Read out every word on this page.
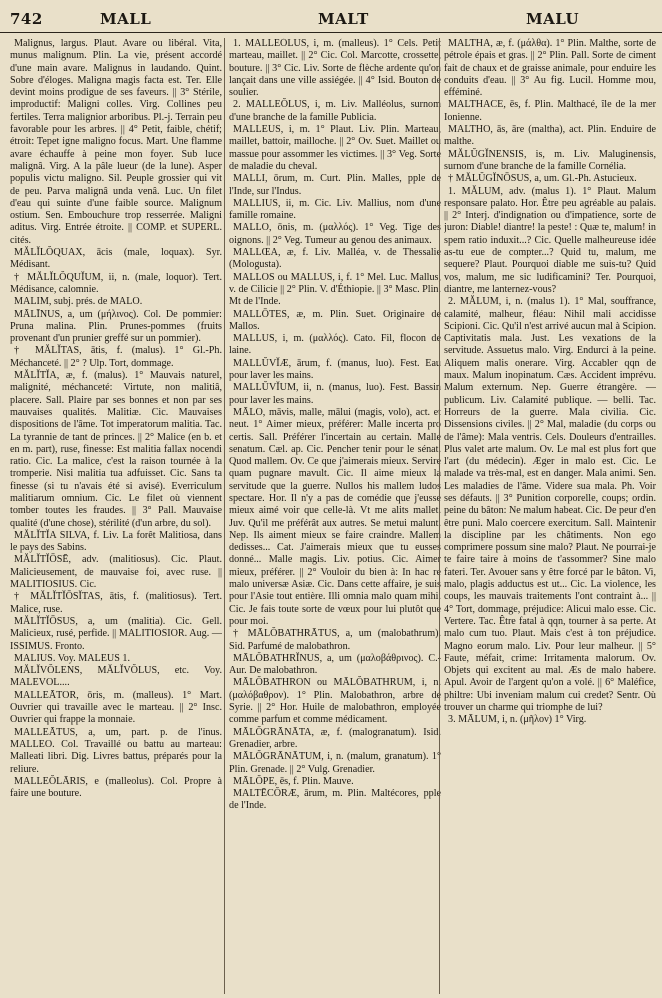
742	MALL	MALT	MALU

Malignus, largus. Plaut. Avare ou libéral. Vita, munus malignum. Plin. La vie, présent accordé d'une main avare. Malignus in laudando. Quint. Sobre d'éloges. Maligna magis facta est. Ter. Elle devint moins prodigue de ses faveurs. || 3° Stérile, improductif: Maligni colles. Virg. Collines peu fertiles. Terra malignior arboribus. Pl.-j. Terrain peu favorable pour les arbres. || 4° Petit, faible, chétif; étroit: Tepet igne maligno focus. Mart. Une flamme avare échauffe à peine mon foyer. Sub luce malignâ. Virg. A la pâle lueur (de la lune). Asper populis victu maligno. Sil. Peuple grossier qui vit de peu. Parva malignâ unda venâ. Luc. Un filet d'eau qui suinte d'une faible source. Malignum ostium. Sen. Embouchure trop resserrée. Maligni aditus. Virg. Entrée étroite. || COMP. et SUPERL. cités.

MĂLĬLŎQUAX, ācis (male, loquax). Syr. Médisant.

† MĂLĬLŎQUĬUM, ii, n. (male, loquor). Tert. Médisance, calomnie.

MALIM, subj. prés. de MALO.

MĀLĪNUS, a, um (μήλινος). Col. De pommier: Pruna malina. Plin. Prunes-pommes (fruits provenant d'un prunier greffé sur un pommier).

† MĂLĬTAS, ātis, f. (malus). 1° Gl.-Ph. Méchanceté. || 2° ? Ulp. Tort, dommage.

MĂLĬTĬA, æ, f. (malus). 1° Mauvais naturel, malignité, méchanceté: Virtute, non malitiâ, placere. Sall. Plaire par ses bonnes et non par ses mauvaises qualités. Malitiæ. Cic. Mauvaises dispositions de l'âme. Tot imperatorum malitia. Tac. La tyrannie de tant de princes. || 2° Malice (en b. et en m. part), ruse, finesse: Est malitia fallax nocendi ratio. Cic. La malice, c'est la raison tournée à la tromperie. Nisi malitia tua adfuisset. Cic. Sans ta finesse (si tu n'avais été si avisé). Everriculum malitiarum omnium. Cic. Le filet où viennent tomber toutes les fraudes. || 3° Pall. Mauvaise qualité (d'une chose), stérilité (d'un arbre, du sol).

MĂLĬTĬA SILVA, f. Liv. La forêt Malitiosa, dans le pays des Sabins.

MĂLĬTĬŌSĒ, adv. (malitiosus). Cic. Plaut. Malicieusement, de mauvaise foi, avec ruse. || MALITIOSIUS. Cic.

† MĂLĬTĬŌSĬTAS, ātis, f. (malitiosus). Tert. Malice, ruse.

MĂLĬTĬŌSUS, a, um (malitia). Cic. Gell. Malicieux, rusé, perfide. || MALITIOSIOR. Aug. — ISSIMUS. Fronto.

MALIUS. Voy. MALEUS 1.

MĂLĬVŎLENS, MĂLĬVŎLUS, etc. Voy. MALEVOL....

MALLEĀTOR, ōris, m. (malleus). 1° Mart. Ouvrier qui travaille avec le marteau. || 2° Insc. Ouvrier qui frappe la monnaie.

MALLEĀTUS, a, um, part. p. de l'inus. MALLEO. Col. Travaillé ou battu au marteau: Malleati libri. Dig. Livres battus, préparés pour la reliure.

MALLEŎLĀRIS, e (malleolus). Col. Propre à faire une bouture.

1. MALLEŎLUS, i, m. (malleus). 1° Cels. Petit marteau, maillet. || 2° Cic. Col. Marcotte, crossette, bouture. || 3° Cic. Liv. Sorte de flèche ardente qu'on lançait dans une ville assiégée. || 4° Isid. Bouton de soulier.

2. MALLEŎLUS, i, m. Liv. Malléolus, surnom d'une branche de la famille Publicia.

MALLEUS, i, m. 1° Plaut. Liv. Plin. Marteau, maillet, battoir, mailloche. || 2° Ov. Suet. Maillet ou massue pour assommer les victimes. || 3° Veg. Sorte de maladie du cheval.

MALLI, ōrum, m. Curt. Plin. Malles, pple de l'Inde, sur l'Indus.

MALLIUS, ii, m. Cic. Liv. Mallius, nom d'une famille romaine.

MALLO, ōnis, m. (μαλλός). 1° Veg. Tige des oignons. || 2° Veg. Tumeur au genou des animaux.

MALLŒA, æ, f. Liv. Malléa, v. de Thessalie (Mologusta).

MALLOS ou MALLUS, i, f. 1° Mel. Luc. Mallus, v. de Cilicie || 2° Plin. V. d'Éthiopie. || 3° Masc. Plin. Mt de l'Inde.

MALLŌTES, æ, m. Plin. Suet. Originaire de Mallos.

MALLUS, i, m. (μαλλός). Cato. Fil, flocon de laine.

MALLŬVĬÆ, ārum, f. (manus, luo). Fest. Eau pour laver les mains.

MALLŬVĬUM, ii, n. (manus, luo). Fest. Bassin pour laver les mains.

MĀLO, māvis, malle, mālui (magis, volo), act. et neut. 1° Aimer mieux, préférer: Malle incerta pro certis. Sall. Préférer l'incertain au certain. Malle senatum. Cæl. ap. Cic. Pencher tenir pour le sénat. Quod mallem. Ov. Ce que j'aimerais mieux. Servire quam pugnare mavult. Cic. Il aime mieux la servitude que la guerre. Nullos his mallem ludos spectare. Hor. Il n'y a pas de comédie que j'eusse mieux aimé voir que celle-là. Vt me alits mallet. Juv. Qu'il me préférât aux autres. Se metui malunt. Nep. Ils aiment mieux se faire craindre. Mallem dedisses... Cat. J'aimerais mieux que tu eusses donné... Malle magis. Liv. potius. Cic. Aimer mieux, préférer. || 2° Vouloir du bien à: In hac re malo universæ Asiæ. Cic. Dans cette affaire, je suis pour l'Asie tout entière. Illi omnia malo quam mihi. Cic. Je fais toute sorte de vœux pour lui plutôt que pour moi.

† MĀLŎBATHRĀTUS, a, um (malobathrum). Sid. Parfumé de malobathron.

MĀLŎBATHRĬNUS, a, um (μαλοβάθρινος). C.-Aur. De malobathron.

MĀLŎBATHRON ou MĀLŎBATHRUM, i, n. (μαλόβαθρον). 1° Plin. Malobathron, arbre de Syrie. || 2° Hor. Huile de malobathron, employée comme parfum et comme médicament.

MĀLŎGRĀNĀTA, æ, f. (malogranatum). Isid. Grenadier, arbre.

MĀLŎGRĀNĀTUM, i, n. (malum, granatum). 1° Plin. Grenade. || 2° Vulg. Grenadier.

MĀLŎPE, ēs, f. Plin. Mauve.

MALTĒCŎRÆ, ārum, m. Plin. Maltécores, pple de l'Inde.

MALTHA, æ, f. (μάλθα). 1° Plin. Malthe, sorte de pétrole épais et gras. || 2° Plin. Pall. Sorte de ciment fait de chaux et de graisse animale, pour enduire les conduits d'eau. || 3° Au fig. Lucil. Homme mou, efféminé.

MALTHACE, ēs, f. Plin. Malthacé, île de la mer Ionienne.

MALTHO, ās, āre (maltha), act. Plin. Enduire de malthe.

MĂLŬGĬNENSIS, is, m. Liv. Maluginensis, surnom d'une branche de la famille Cornélia.

† MĂLŬGĬNŌSUS, a, um. Gl.-Ph. Astucieux.

1. MĂLUM, adv. (malus 1). 1° Plaut. Malum responsare palato. Hor. Être peu agréable au palais. || 2° Interj. d'indignation ou d'impatience, sorte de juron: Diable! diantre! la peste! : Quæ te, malum! in spem ratio induxit...? Cic. Quelle malheureuse idée as-tu eue de compter...? Quid tu, malum, me sequere? Plaut. Pourquoi diable me suis-tu? Quid vos, malum, me sic ludificamini? Ter. Pourquoi, diantre, me lanternez-vous?

2. MĂLUM, i, n. (malus 1). 1° Mal, souffrance, calamité, malheur, fléau: Nihil mali accidisse Scipioni. Cic. Qu'il n'est arrivé aucun mal à Scipion. Captivitatis mala. Just. Les vexations de la servitude. Assuetus malo. Virg. Endurci à la peine. Aliquem malis onerare. Virg. Accabler qqn de maux. Malum inopinatum. Cæs. Accident imprévu. Malum externum. Nep. Guerre étrangère. — publicum. Liv. Calamité publique. — belli. Tac. Horreurs de la guerre. Mala civilia. Cic. Dissensions civiles. || 2° Mal, maladie (du corps ou de l'âme): Mala ventris. Cels. Douleurs d'entrailles. Plus valet arte malum. Ov. Le mal est plus fort que l'art (du médecin). Æger in malo est. Cic. Le malade va très-mal, est en danger. Mala animi. Sen. Les maladies de l'âme. Videre sua mala. Ph. Voir ses défauts. || 3° Punition corporelle, coups; ordin. peine du bâton: Ne malum habeat. Cic. De peur d'en être puni. Malo coercere exercitum. Sall. Maintenir la discipline par les châtiments. Non ego comprimere possum sine malo? Plaut. Ne pourrai-je te faire taire à moins de t'assommer? Sine malo fateri. Ter. Avouer sans y être forcé par le bâton. Vi, malo, plagis adductus est ut... Cic. La violence, les coups, les mauvais traitements l'ont contraint à... || 4° Tort, dommage, préjudice: Alicui malo esse. Cic. Vertere. Tac. Être fatal à qqn, tourner à sa perte. At malo cum tuo. Plaut. Mais c'est à ton préjudice. Magno eorum malo. Liv. Pour leur malheur. || 5° Faute, méfait, crime: Irritamenta malorum. Ov. Objets qui excitent au mal. Æs de malo habere. Apul. Avoir de l'argent qu'on a volé. || 6° Maléfice, philtre: Ubi inveniam malum cui credet? Sentr. Où trouver un charme qui triomphe de lui?

3. MĀLUM, i, n. (μῆλον) 1° Virg.
